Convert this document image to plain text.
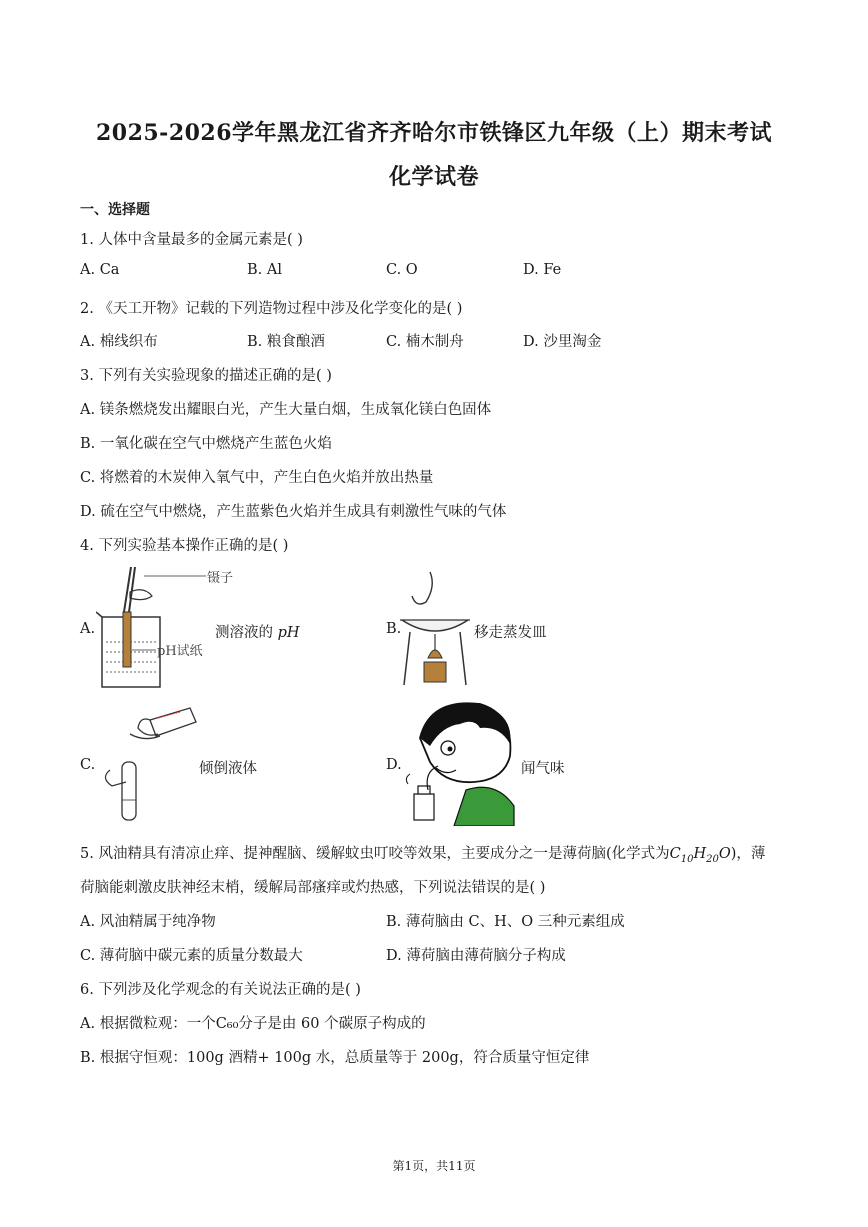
2025-2026学年黑龙江省齐齐哈尔市铁锋区九年级（上）期末考试
化学试卷
一、选择题
1. 人体中含量最多的金属元素是( )
A. Ca	B. Al	C. O	D. Fe
2. 《天工开物》记载的下列造物过程中涉及化学变化的是( )
A. 棉线织布	B. 粮食酿酒	C. 楠木制舟	D. 沙里淘金
3. 下列有关实验现象的描述正确的是( )
A. 镁条燃烧发出耀眼白光，产生大量白烟，生成氧化镁白色固体
B. 一氧化碳在空气中燃烧产生蓝色火焰
C. 将燃着的木炭伸入氧气中，产生白色火焰并放出热量
D. 硫在空气中燃烧，产生蓝紫色火焰并生成具有刺激性气味的气体
4. 下列实验基本操作正确的是( )
A.
镊子
pH试纸
测溶液的 pH	B.	移走蒸发皿
C.	倾倒液体	D.	闻气味
5. 风油精具有清凉止痒、提神醒脑、缓解蚊虫叮咬等效果，主要成分之一是薄荷脑(化学式为$C_{10}H_{20}O$)，薄
荷脑能刺激皮肤神经末梢，缓解局部瘙痒或灼热感，下列说法错误的是( )
A. 风油精属于纯净物	B. 薄荷脑由 C、H、O 三种元素组成
C. 薄荷脑中碳元素的质量分数最大	D. 薄荷脑由薄荷脑分子构成
6. 下列涉及化学观念的有关说法正确的是( )
A. 根据微粒观：一个C₆₀分子是由 60 个碳原子构成的
B. 根据守恒观：100g 酒精+ 100g 水，总质量等于 200g，符合质量守恒定律
第1页，共11页
